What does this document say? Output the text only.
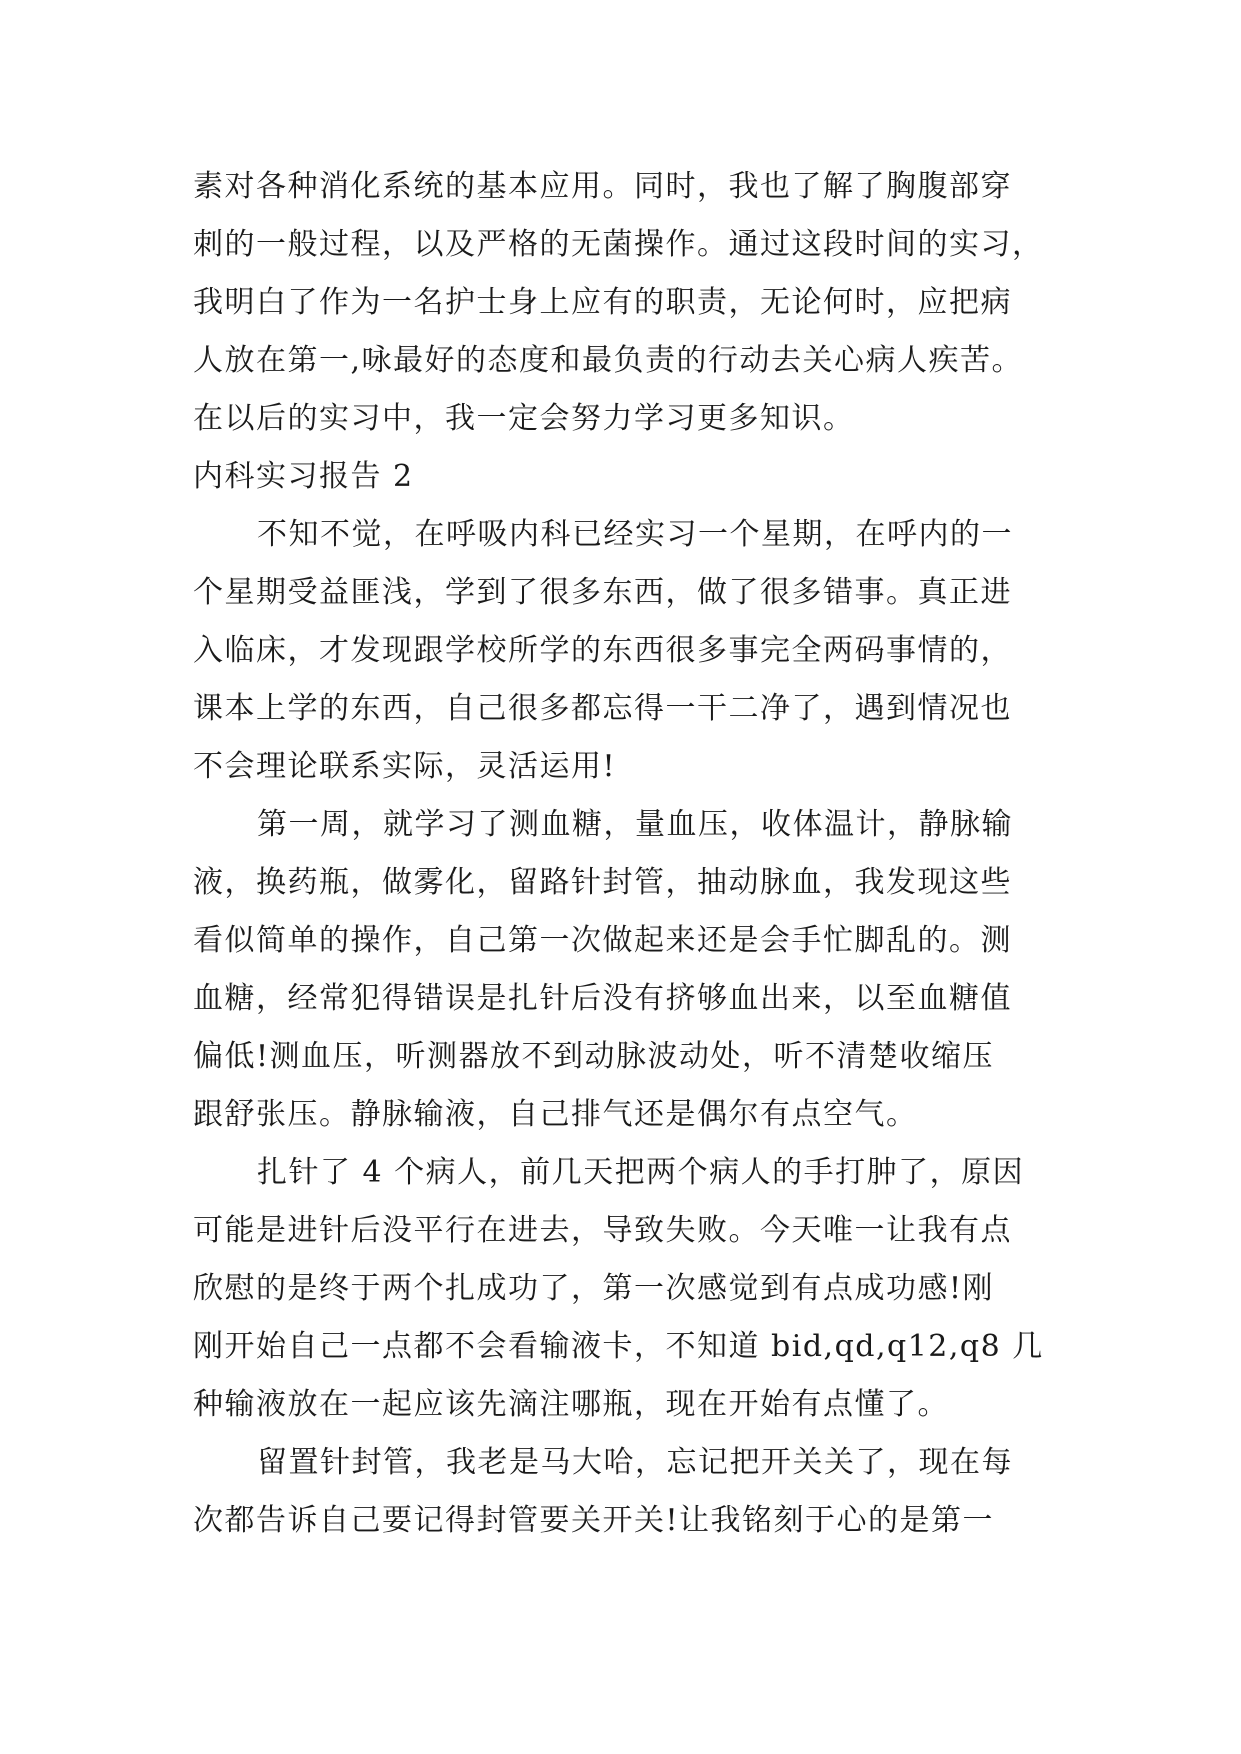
素对各种消化系统的基本应用。同时，我也了解了胸腹部穿
刺的一般过程，以及严格的无菌操作。通过这段时间的实习，
我明白了作为一名护士身上应有的职责，无论何时，应把病
人放在第一,咏最好的态度和最负责的行动去关心病人疾苦。
在以后的实习中，我一定会努力学习更多知识。
内科实习报告 2
不知不觉，在呼吸内科已经实习一个星期，在呼内的一
个星期受益匪浅，学到了很多东西，做了很多错事。真正进
入临床，才发现跟学校所学的东西很多事完全两码事情的，
课本上学的东西，自己很多都忘得一干二净了，遇到情况也
不会理论联系实际，灵活运用!
第一周，就学习了测血糖，量血压，收体温计，静脉输
液，换药瓶，做雾化，留路针封管，抽动脉血，我发现这些
看似简单的操作，自己第一次做起来还是会手忙脚乱的。测
血糖，经常犯得错误是扎针后没有挤够血出来，以至血糖值
偏低!测血压，听测器放不到动脉波动处，听不清楚收缩压
跟舒张压。静脉输液，自己排气还是偶尔有点空气。
扎针了 4 个病人，前几天把两个病人的手打肿了，原因
可能是进针后没平行在进去，导致失败。今天唯一让我有点
欣慰的是终于两个扎成功了，第一次感觉到有点成功感!刚
刚开始自己一点都不会看输液卡，不知道 bid,qd,q12,q8 几
种输液放在一起应该先滴注哪瓶，现在开始有点懂了。
留置针封管，我老是马大哈，忘记把开关关了，现在每
次都告诉自己要记得封管要关开关!让我铭刻于心的是第一
